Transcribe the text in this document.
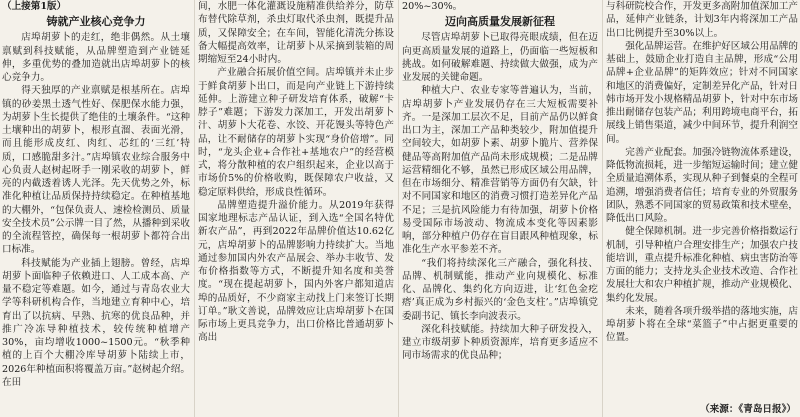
（上接第1版）
铸就产业核心竞争力

店埠胡萝卜的走红，绝非偶然。从土壤禀赋到科技赋能，从品牌塑造到产业链延伸，多重优势的叠加造就出店埠胡萝卜的核心竞争力。

得天独厚的产业禀赋是根基所在。店埠镇的砂姜黑土透气性好、保肥保水能力强，为胡萝卜生长提供了绝佳的土壤条件。“这种土壤种出的胡萝卜，根形直溜、表面光滑，而且能形成皮红、肉红、芯红的‘三红’特质，口感脆甜多汁。”店埠镇农业综合服务中心负责人赵树起呀手一刚采收的胡萝卜，鲜亮的内截透着诱人光泽。先天优势之外，标准化种植让品质保持持续稳定。在种植基地的大棚外，“包保负责人、速检检测员、质量安全技术员”公示牌一目了然，从播种到采收的全流程管控，确保每一根胡萝卜都符合出口标准。

科技赋能为产业插上翅膀。曾经，店埠胡萝卜面临种子依赖进口、人工成本高、产量不稳定等难题。如今，通过与青岛农业大学等科研机构合作，当地建立育种中心，培育出了以抗病、早熟、抗寒的优良品种，并推广冷冻导种植技术，较传统种植增产30%，亩均增收1000~1500元。“秋季种植的上百个大棚冷库导胡萝卜陆续上市，2026年种植面积将覆盖万亩。”赵树起介绍。在田

间，水肥一体化灌溉设施精准供给养分，防草布替代除草剂，杀虫灯取代杀虫剂，既提升品质，又保障安全；在车间，智能化清洗分拣设备大幅提高效率，让胡萝卜从采摘到装箱的周期缩短至24小时内。

产业融合拓展价值空间。店埠镇并未止步于鲜食胡萝卜出口，而是向产业链上下游持续延伸。上游建立种子研发培育体系，破解“卡脖子”难题；下游发力深加工，开发出胡萝卜汁、胡萝卜大花卷、水饺、开花馒头等特色产品，让不耐储存的胡萝卜实现“身价倍增”。同时，“龙头企业+合作社+基地农户”的经营模式，将分散种植的农户组织起来，企业以高于市场价5%的价格收购，既保障农户收益，又稳定原料供给，形成良性循环。

品牌塑造提升溢价能力。从2019年获得国家地理标志产品认证，到入选“全国名特优新农产品”，再到2022年品牌价值达10.62亿元，店埠胡萝卜的品牌影响力持续扩大。当地通过参加国内外农产品展会、举办丰收节、发布价格指数等方式，不断提升知名度和美誉度。“现在提起胡萝卜，国内外客户都知道店埠的品质好，不少商家主动找上门来签订长期订单。”耿文善说，品牌效应让店埠胡萝卜在国际市场上更具竞争力，出口价格比普通胡萝卜高出

20%~30%。

迈向高质量发展新征程

尽管店埠胡萝卜已取得亮眼成绩，但在迈向更高质量发展的道路上，仍面临一些短板和挑战。如何破解难题、持续做大做强，成为产业发展的关键命题。

种植大户、农业专家等普遍认为，当前，店埠胡萝卜产业发展仍存在三大短板需要补齐。一是深加工层次不足，目前产品仍以鲜食出口为主，深加工产品种类较少，附加值提升空间较大，如胡萝卜素、胡萝卜脆片、营养保健品等高附加值产品尚未形成规模；二是品牌运营精细化不够，虽然已形成区域公用品牌，但在市场细分、精准营销等方面仍有欠缺，针对不同国家和地区的消费习惯打造差异化产品不足；三是抗风险能力有待加强，胡萝卜价格易受国际市场波动、物流成本变化等因素影响，部分种植户仍存在盲目跟风种植现象，标准化生产水平参差不齐。

“我们将持续深化三产融合，强化科技、品牌、机制赋能，推动产业向规模化、标准化、品牌化、集约化方向迈进，让‘红色金疙瘩’真正成为乡村振兴的‘金色支柱’。”店埠镇党委副书记、镇长李向波表示。

深化科技赋能。持续加大种子研发投入，建立市级胡萝卜种质资源库，培育更多适应不同市场需求的优良品种；

与科研院校合作，开发更多高附加值深加工产品，延伸产业链条，计划3年内将深加工产品出口比例提升至30%以上。

强化品牌运营。在维护好区域公用品牌的基础上，鼓励企业打造自主品牌，形成“公用品牌+企业品牌”的矩阵效应；针对不同国家和地区的消费偏好，定制差异化产品，针对日韩市场开发小规格精品胡萝卜，针对中东市场推出耐储存包装产品；利用跨境电商平台，拓展线上销售渠道，减少中间环节，提升利润空间。

完善产业配套。加强冷链物流体系建设，降低物流损耗，进一步缩短运输时间；建立健全质量追溯体系，实现从种子到餐桌的全程可追溯，增强消费者信任；培育专业的外贸服务团队，熟悉不同国家的贸易政策和技术壁垒，降低出口风险。

健全保障机制。进一步完善价格指数运行机制，引导种植户合理安排生产；加强农户技能培训，重点提升标准化种植、病虫害防治等方面的能力；支持龙头企业技术改造、合作社发展壮大和农户种植扩规，推动产业规模化、集约化发展。

未来，随着各项升级举措的落地实施，店埠胡萝卜将在全球“菜篮子”中占据更重要的位置。

（来源：《青岛日报》）
